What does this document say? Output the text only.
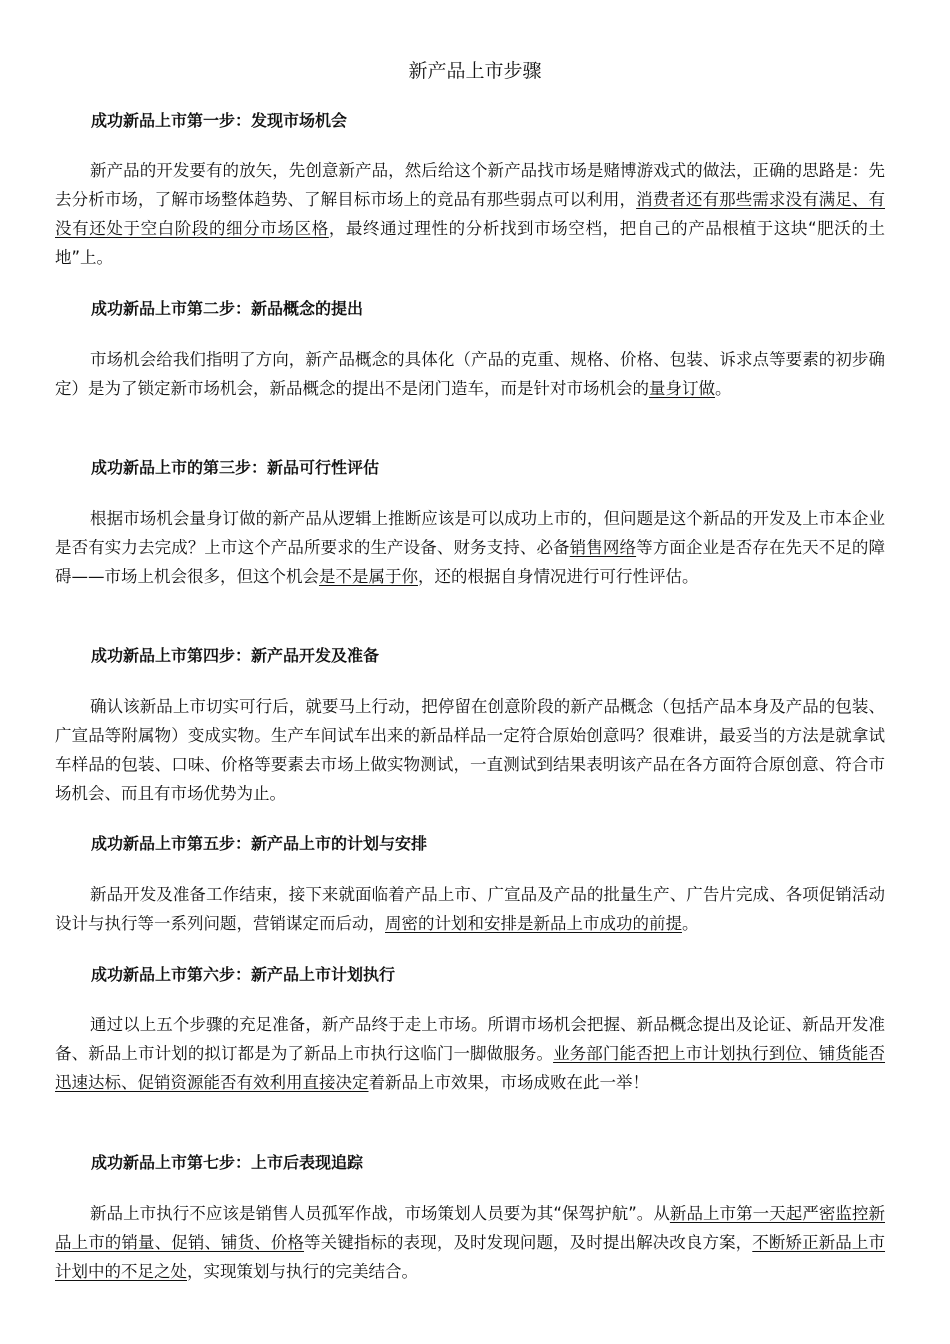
新产品上市步骤
成功新品上市第一步：发现市场机会

新产品的开发要有的放矢，先创意新产品，然后给这个新产品找市场是赌博游戏式的做法，正确的思路是：先去分析市场，了解市场整体趋势、了解目标市场上的竞品有那些弱点可以利用，消费者还有那些需求没有满足、有没有还处于空白阶段的细分市场区格，最终通过理性的分析找到市场空档，把自己的产品根植于这块“肥沃的土地”上。

成功新品上市第二步：新品概念的提出

市场机会给我们指明了方向，新产品概念的具体化（产品的克重、规格、价格、包装、诉求点等要素的初步确定）是为了锁定新市场机会，新品概念的提出不是闭门造车，而是针对市场机会的量身订做。

成功新品上市的第三步：新品可行性评估

根据市场机会量身订做的新产品从逻辑上推断应该是可以成功上市的，但问题是这个新品的开发及上市本企业是否有实力去完成？上市这个产品所要求的生产设备、财务支持、必备销售网络等方面企业是否存在先天不足的障碍——市场上机会很多，但这个机会是不是属于你，还的根据自身情况进行可行性评估。

成功新品上市第四步：新产品开发及准备

确认该新品上市切实可行后，就要马上行动，把停留在创意阶段的新产品概念（包括产品本身及产品的包装、广宣品等附属物）变成实物。生产车间试车出来的新品样品一定符合原始创意吗？很难讲，最妥当的方法是就拿试车样品的包装、口味、价格等要素去市场上做实物测试，一直测试到结果表明该产品在各方面符合原创意、符合市场机会、而且有市场优势为止。

成功新品上市第五步：新产品上市的计划与安排

新品开发及准备工作结束，接下来就面临着产品上市、广宣品及产品的批量生产、广告片完成、各项促销活动设计与执行等一系列问题，营销谋定而后动，周密的计划和安排是新品上市成功的前提。

成功新品上市第六步：新产品上市计划执行

通过以上五个步骤的充足准备，新产品终于走上市场。所谓市场机会把握、新品概念提出及论证、新品开发准备、新品上市计划的拟订都是为了新品上市执行这临门一脚做服务。业务部门能否把上市计划执行到位、铺货能否迅速达标、促销资源能否有效利用直接决定着新品上市效果，市场成败在此一举！

成功新品上市第七步：上市后表现追踪

新品上市执行不应该是销售人员孤军作战，市场策划人员要为其“保驾护航”。从新品上市第一天起严密监控新品上市的销量、促销、铺货、价格等关键指标的表现，及时发现问题，及时提出解决改良方案，不断矫正新品上市计划中的不足之处，实现策划与执行的完美结合。
